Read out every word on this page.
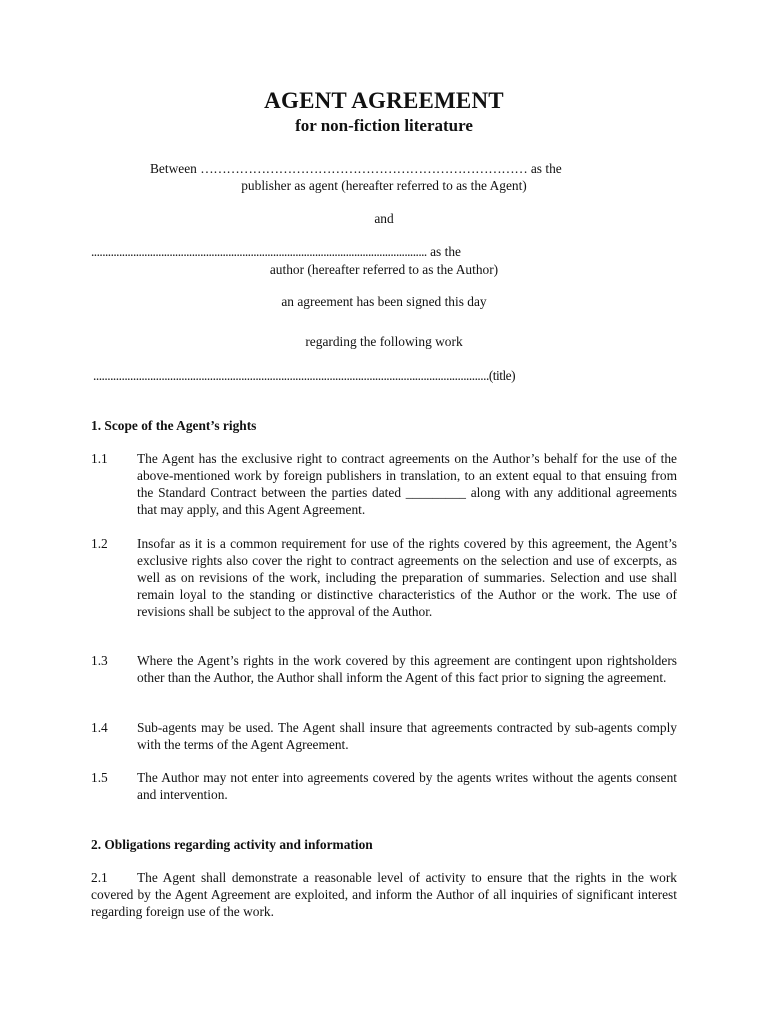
AGENT AGREEMENT
for non-fiction literature
Between ………………………………………………………………… as the
publisher as agent (hereafter referred to as the Agent)
and
........................................................................................................................ as the
author (hereafter referred to as the Author)
an agreement has been signed this day
regarding the following work
...........................................................................................................................................(title)
1. Scope of the Agent’s rights
1.1 The Agent has the exclusive right to contract agreements on the Author’s behalf for the use of the above-mentioned work by foreign publishers in translation, to an extent equal to that ensuing from the Standard Contract between the parties dated _________ along with any additional agreements that may apply, and this Agent Agreement.
1.2 Insofar as it is a common requirement for use of the rights covered by this agreement, the Agent’s exclusive rights also cover the right to contract agreements on the selection and use of excerpts, as well as on revisions of the work, including the preparation of summaries. Selection and use shall remain loyal to the standing or distinctive characteristics of the Author or the work. The use of revisions shall be subject to the approval of the Author.
1.3 Where the Agent’s rights in the work covered by this agreement are contingent upon rightsholders other than the Author, the Author shall inform the Agent of this fact prior to signing the agreement.
1.4 Sub-agents may be used. The Agent shall insure that agreements contracted by sub-agents comply with the terms of the Agent Agreement.
1.5 The Author may not enter into agreements covered by the agents writes without the agents consent and intervention.
2. Obligations regarding activity and information
2.1 The Agent shall demonstrate a reasonable level of activity to ensure that the rights in the work covered by the Agent Agreement are exploited, and inform the Author of all inquiries of significant interest regarding foreign use of the work.
